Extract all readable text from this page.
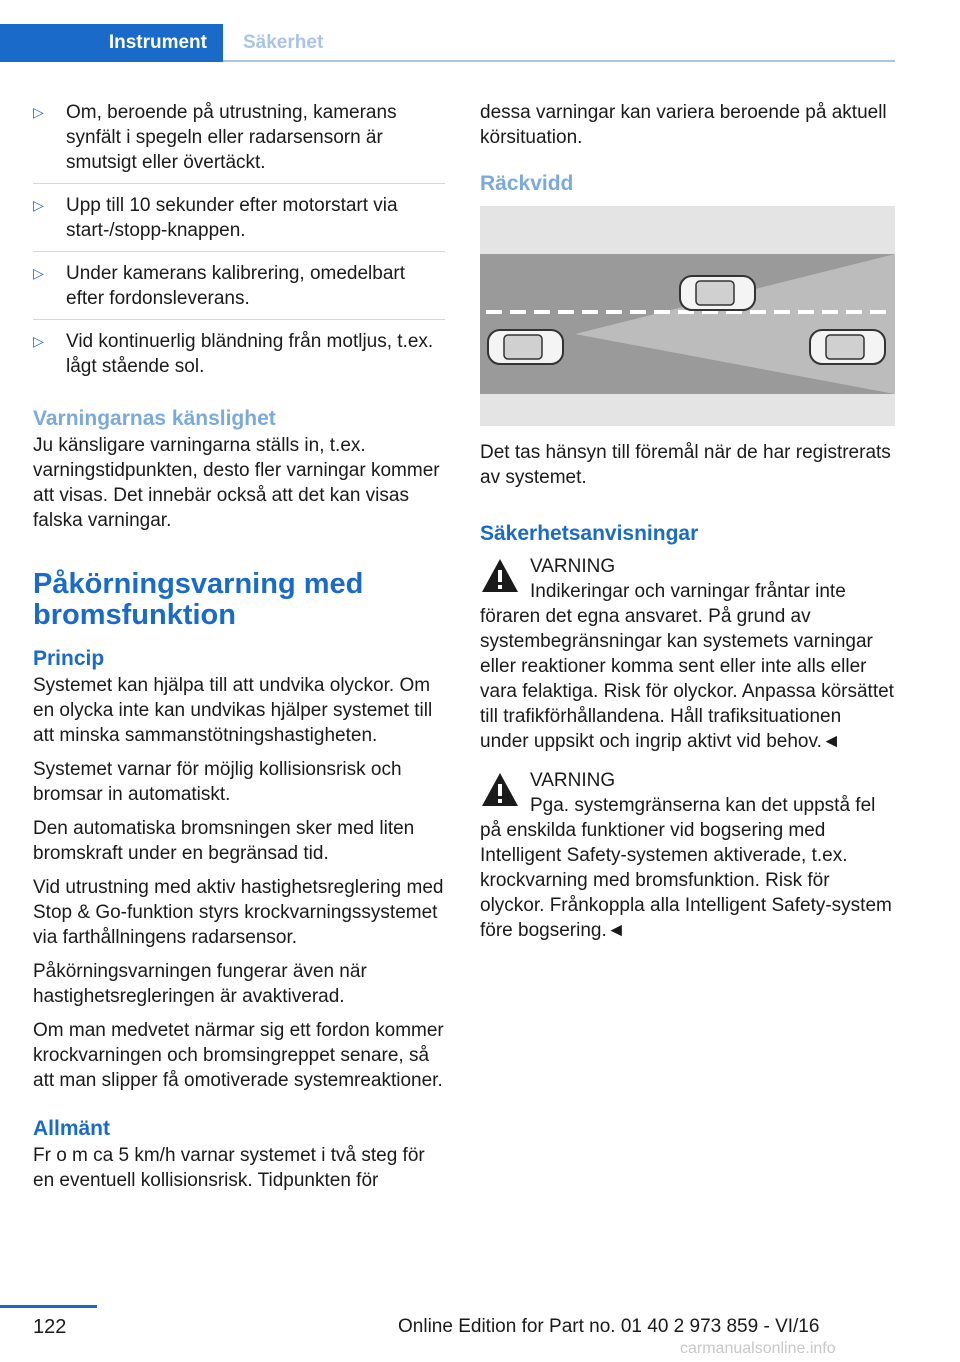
Instrument	Säkerhet
▷ Om, beroende på utrustning, kamerans synfält i spegeln eller radarsensorn är smutsigt eller övertäckt.
▷ Upp till 10 sekunder efter motorstart via start-/stopp-knappen.
▷ Under kamerans kalibrering, omedelbart efter fordonsleverans.
▷ Vid kontinuerlig bländning från motljus, t.ex. lågt stående sol.
Varningarnas känslighet

Ju känsligare varningarna ställs in, t.ex. varningstidpunkten, desto fler varningar kommer att visas. Det innebär också att det kan visas falska varningar.

Påkörningsvarning med bromsfunktion
Princip

Systemet kan hjälpa till att undvika olyckor. Om en olycka inte kan undvikas hjälper systemet till att minska sammanstötningshastigheten.

Systemet varnar för möjlig kollisionsrisk och bromsar in automatiskt.

Den automatiska bromsningen sker med liten bromskraft under en begränsad tid.

Vid utrustning med aktiv hastighetsreglering med Stop & Go-funktion styrs krockvarningssystemet via farthållningens radarsensor.

Påkörningsvarningen fungerar även när hastighetsregleringen är avaktiverad.

Om man medvetet närmar sig ett fordon kommer krockvarningen och bromsingreppet senare, så att man slipper få omotiverade systemreaktioner.

Allmänt

Fr o m ca 5 km/h varnar systemet i två steg för en eventuell kollisionsrisk. Tidpunkten för

dessa varningar kan variera beroende på aktuell körsituation.

Räckvidd

Det tas hänsyn till föremål när de har registrerats av systemet.

Säkerhetsanvisningar
VARNING
Indikeringar och varningar fråntar inte
föraren det egna ansvaret. På grund av systembegränsningar kan systemets varningar eller reaktioner komma sent eller inte alls eller vara felaktiga. Risk för olyckor. Anpassa körsättet till trafikförhållandena. Håll trafiksituationen under uppsikt och ingrip aktivt vid behov.◄
VARNING
Pga. systemgränserna kan det uppstå fel
på enskilda funktioner vid bogsering med Intelligent Safety-systemen aktiverade, t.ex. krockvarning med bromsfunktion. Risk för olyckor. Frånkoppla alla Intelligent Safety-system före bogsering.◄
122	Online Edition for Part no. 01 40 2 973 859 - VI/16
carmanualsonline.info
